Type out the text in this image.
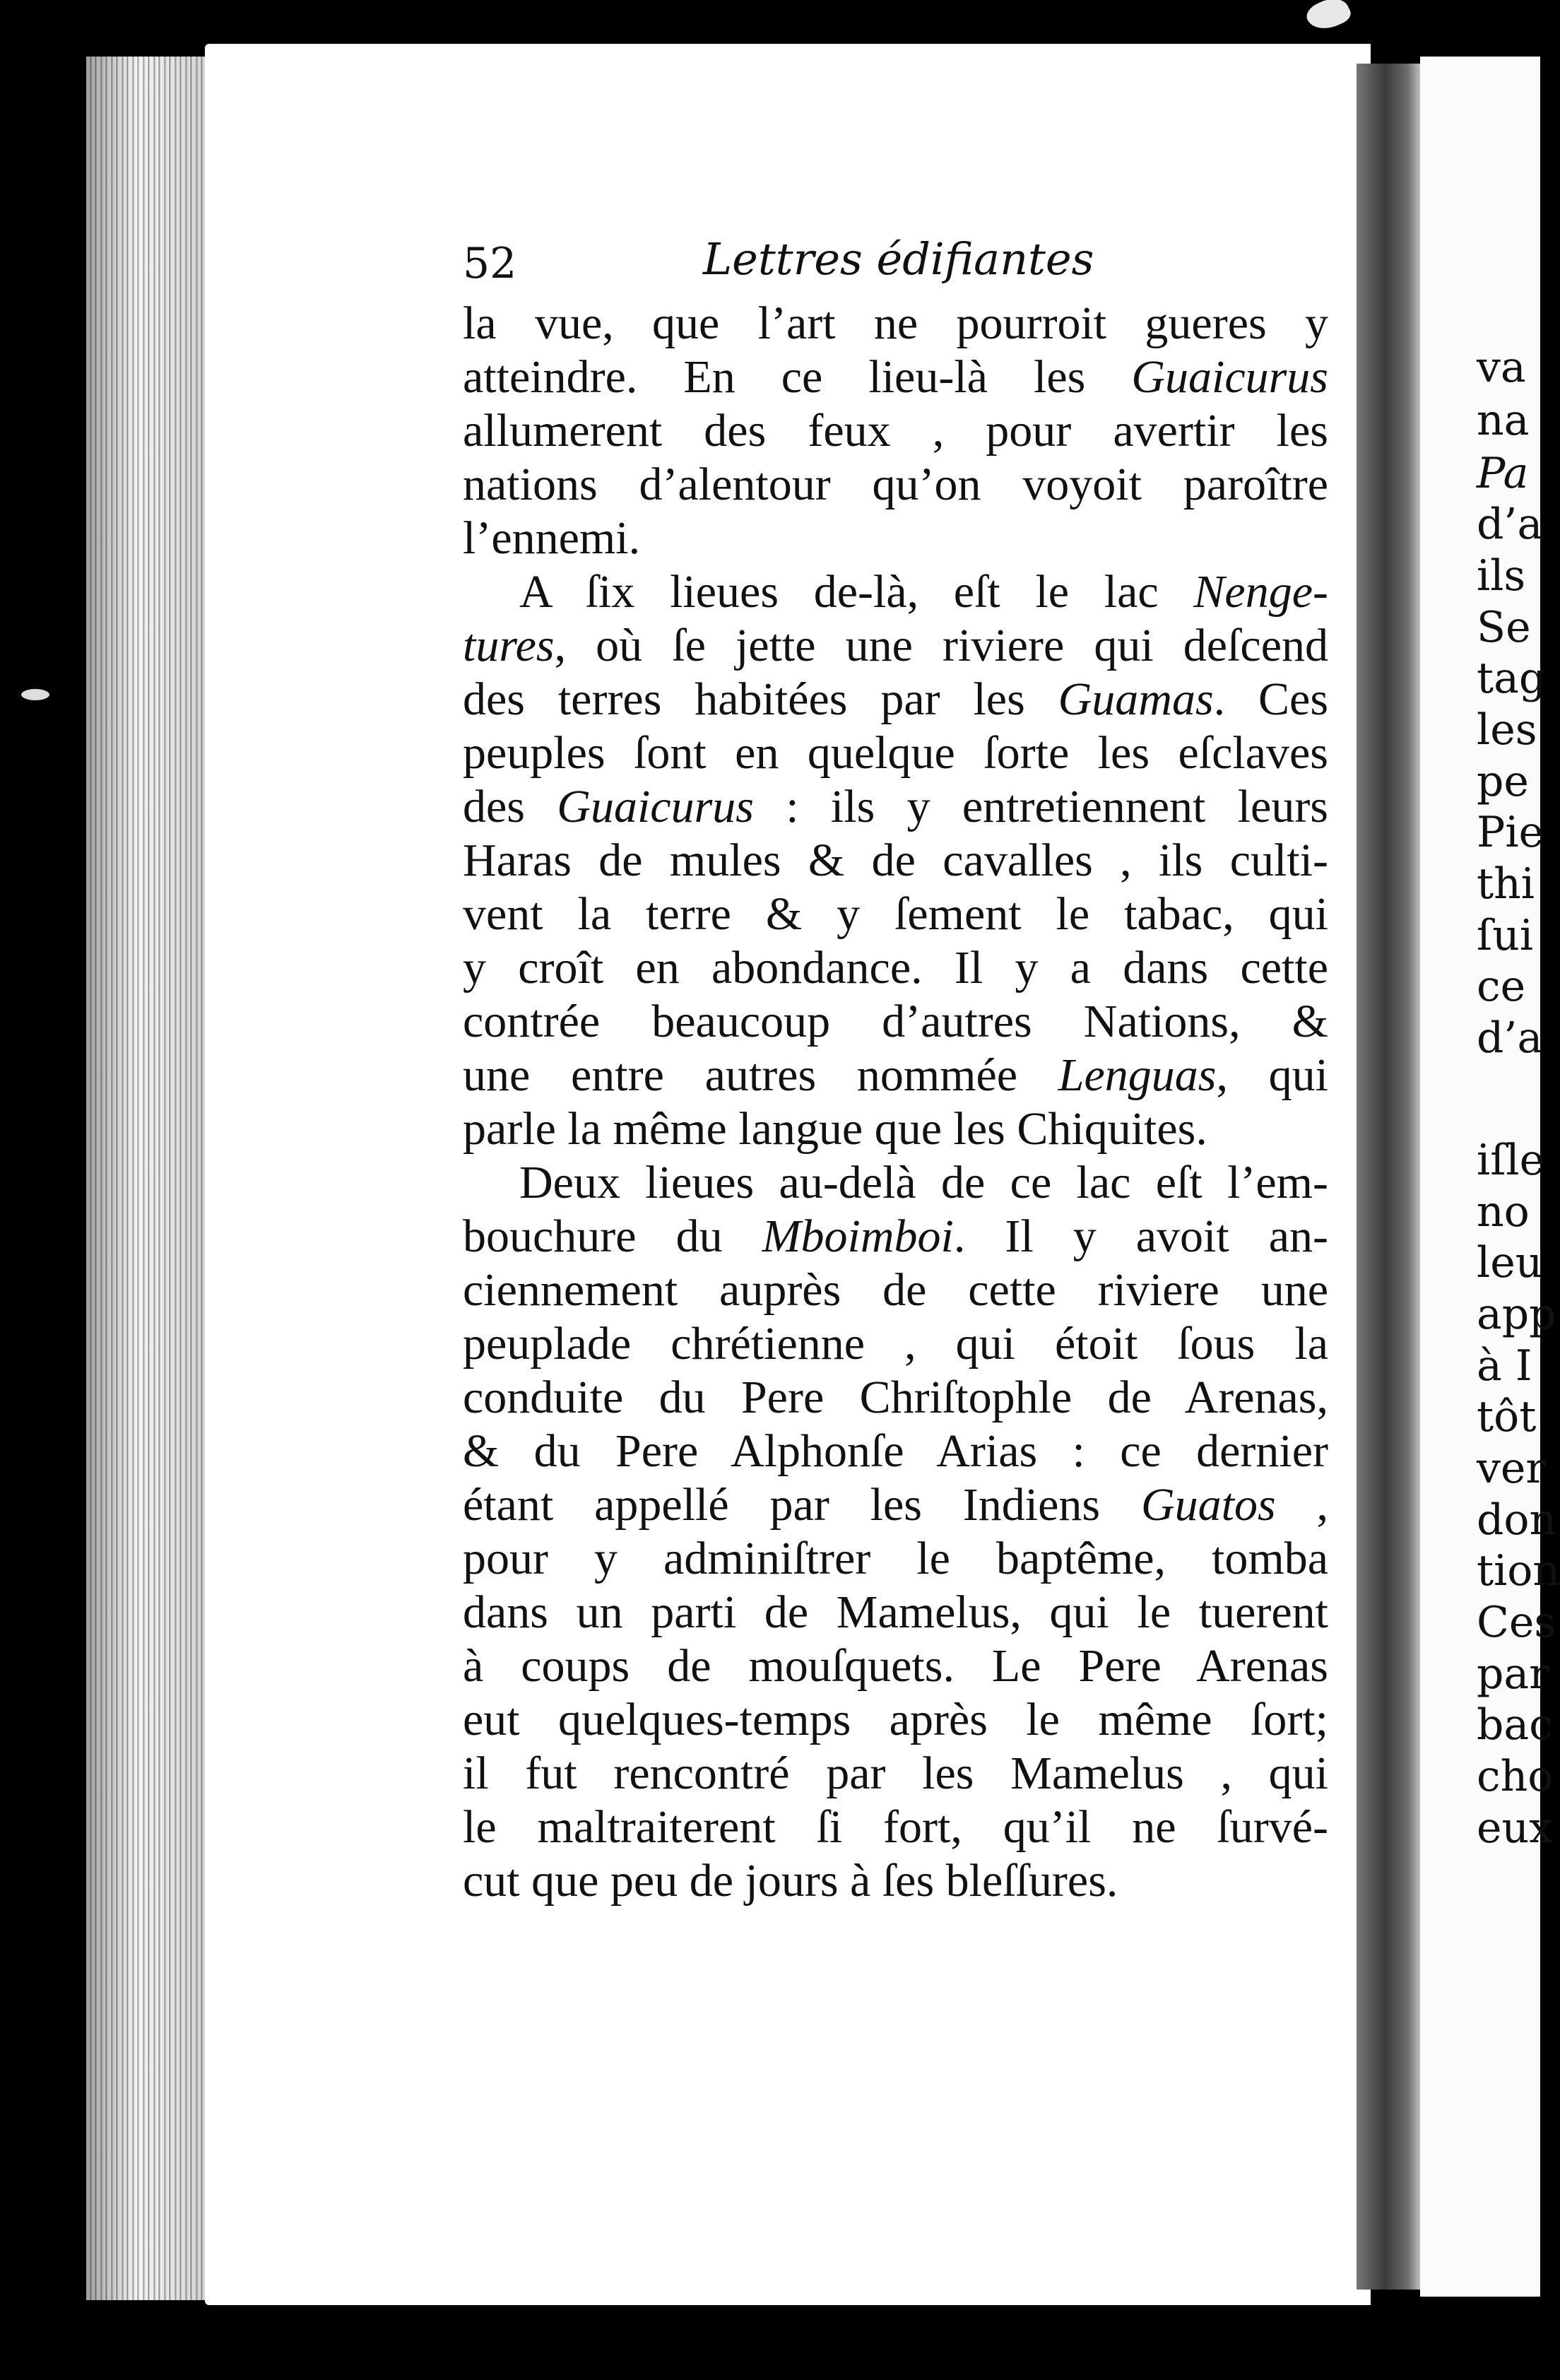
52	Lettres édifiantes
la vue, que l’art ne pourroit gueres y
atteindre. En ce lieu-là les Guaicurus
allumerent des feux , pour avertir les
nations d’alentour qu’on voyoit paroître
l’ennemi.
A ſix lieues de-là, eſt le lac Nenge-
tures, où ſe jette une riviere qui deſcend
des terres habitées par les Guamas. Ces
peuples ſont en quelque ſorte les eſclaves
des Guaicurus : ils y entretiennent leurs
Haras de mules & de cavalles , ils culti-
vent la terre & y ſement le tabac, qui
y croît en abondance. Il y a dans cette
contrée beaucoup d’autres Nations, &
une entre autres nommée Lenguas, qui
parle la même langue que les Chiquites.
Deux lieues au-delà de ce lac eſt l’em-
bouchure du Mboimboi. Il y avoit an-
ciennement auprès de cette riviere une
peuplade chrétienne , qui étoit ſous la
conduite du Pere Chriſtophle de Arenas,
& du Pere Alphonſe Arias : ce dernier
étant appellé par les Indiens Guatos ,
pour y adminiſtrer le baptême, tomba
dans un parti de Mamelus, qui le tuerent
à coups de mouſquets. Le Pere Arenas
eut quelques-temps après le même ſort;
il fut rencontré par les Mamelus , qui
le maltraiterent ſi fort, qu’il ne ſurvé-
cut que peu de jours à ſes bleſſures.
va
na
Pa
d’a
ils
Se
tag
les
pe
Pie
thi
ſui
ce
d’a
iſle
no
leu
app
à I
tôt
ver
don
tion
Ces
par
bac
cho
eux
